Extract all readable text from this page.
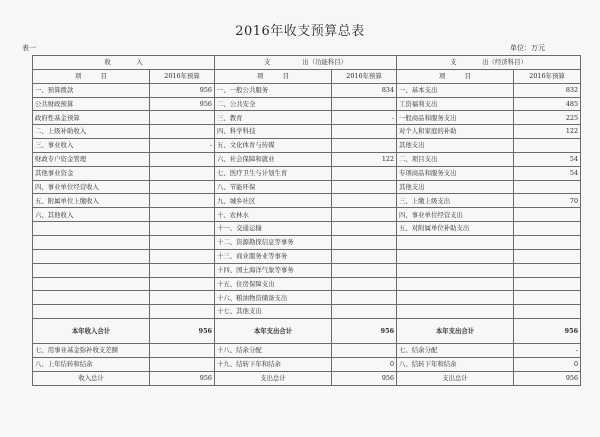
2016年收支预算总表
表一	单位：万元
收　　　　入		支　　　　　出（功能科目）		支　　　　出（经济科目）	
项　　　目	2016年预算	项　　　目	2016年预算	项　　　目	2016年预算
一、预算拨款	956	一、一般公共服务	834	一、基本支出	832
公共财政预算	956	二、公共安全		工资福利支出	485
政府性基金预算		三、教育	-	一般商品和服务支出	225
二、上级补助收入		四、科学科技		对个人和家庭的补助	122
三、事业收入	-	五、文化体育与传媒		其他支出	
财政专户资金管理		六、社会保障和就业	122	二、项目支出	54
其他事业资金		七、医疗卫生与计划生育		专项商品和服务支出	54
四、事业单位经营收入		八、节能环保		其他支出	
五、附属单位上缴收入		九、城乡社区		三、上缴上级支出	70
六、其他收入		十、农林水		四、事业单位经营支出	
		十一、交通运输		五、对附属单位补助支出	
		十二、资源勘探信息等事务			
		十三、商业服务业等事务			
		十四、国土海洋气象等事务			
		十五、住房保障支出			
		十六、粮油物资储备支出			
		十七、其他支出			
本年收入合计	956	本年支出合计	956	本年支出合计	956
七、用事业基金弥补收支差额		十八、结余分配		七、结余分配	-
八、上年结转和结余		十九、结转下年和结余	0	八、结转下年和结余	0
收入总计	956	支出总计	956	支出总计	956
